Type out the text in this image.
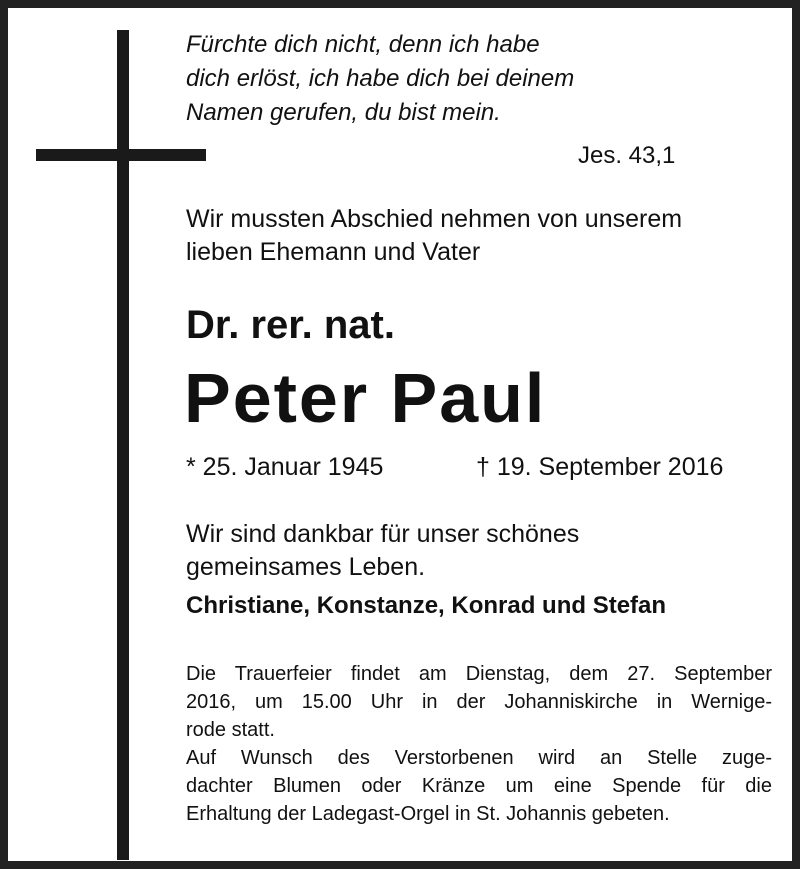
Fürchte dich nicht, denn ich habe
dich erlöst, ich habe dich bei deinem
Namen gerufen, du bist mein.
Jes. 43,1
Wir mussten Abschied nehmen von unserem
lieben Ehemann und Vater
Dr. rer. nat.
Peter Paul
* 25. Januar 1945	† 19. September 2016
Wir sind dankbar für unser schönes
gemeinsames Leben.
Christiane, Konstanze, Konrad und Stefan
Die Trauerfeier findet am Dienstag, dem 27. September
2016, um 15.00 Uhr in der Johanniskirche in Wernige-
rode statt.
Auf Wunsch des Verstorbenen wird an Stelle zuge-
dachter Blumen oder Kränze um eine Spende für die
Erhaltung der Ladegast-Orgel in St. Johannis gebeten.
